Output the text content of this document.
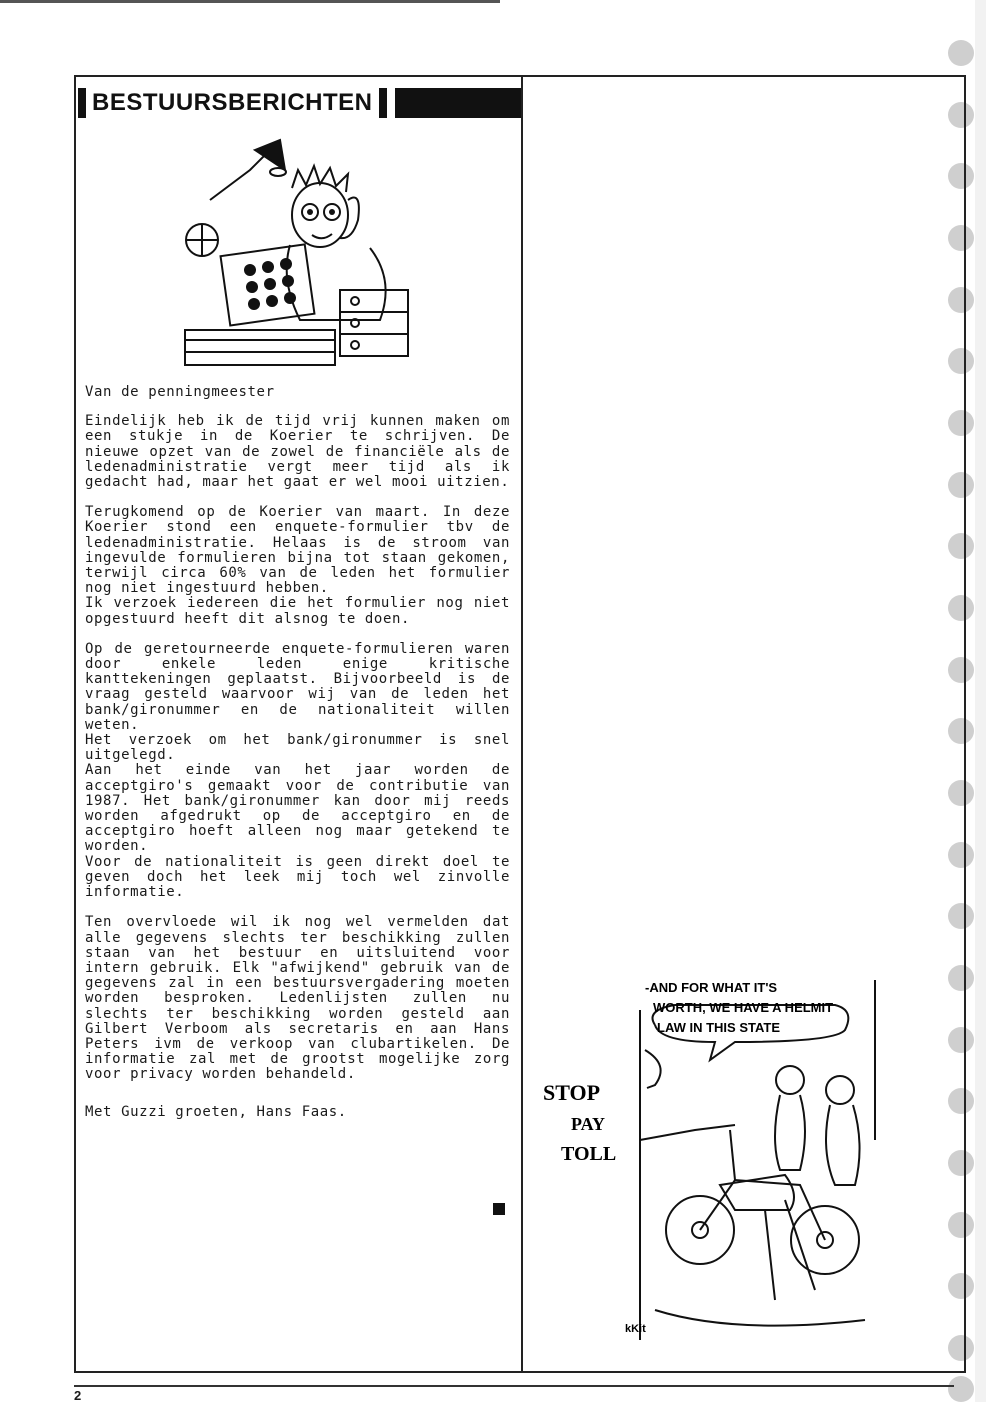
BESTUURSBERICHTEN

Van de penningmeester

Eindelijk heb ik de tijd vrij kunnen maken om een stukje in de Koerier te schrijven. De nieuwe opzet van de zowel de financiële als de ledenadministratie vergt meer tijd als ik gedacht had, maar het gaat er wel mooi uitzien.

Terugkomend op de Koerier van maart. In deze Koerier stond een enquete-formulier tbv de ledenadministratie. Helaas is de stroom van ingevulde formulieren bijna tot staan gekomen, terwijl circa 60% van de leden het formulier nog niet ingestuurd hebben.
Ik verzoek iedereen die het formulier nog niet opgestuurd heeft dit alsnog te doen.

Op de geretourneerde enquete-formulieren waren door enkele leden enige kritische kanttekeningen geplaatst. Bijvoorbeeld is de vraag gesteld waarvoor wij van de leden het bank/gironummer en de nationaliteit willen weten.
Het verzoek om het bank/gironummer is snel uitgelegd.
Aan het einde van het jaar worden de acceptgiro's gemaakt voor de contributie van 1987. Het bank/gironummer kan door mij reeds worden afgedrukt op de acceptgiro en de acceptgiro hoeft alleen nog maar getekend te worden.
Voor de nationaliteit is geen direkt doel te geven doch het leek mij toch wel zinvolle informatie.

Ten overvloede wil ik nog wel vermelden dat alle gegevens slechts ter beschikking zullen staan van het bestuur en uitsluitend voor intern gebruik. Elk "afwijkend" gebruik van de gegevens zal in een bestuursvergadering moeten worden besproken. Ledenlijsten zullen nu slechts ter beschikking worden gesteld aan Gilbert Verboom als secretaris en aan Hans Peters ivm de verkoop van clubartikelen. De informatie zal met de grootst mogelijke zorg voor privacy worden behandeld.

Met Guzzi groeten, Hans Faas.

-AND FOR WHAT IT'S
WORTH, WE HAVE A HELMIT
LAW IN THIS STATE
STOP
PAY
TOLL
kKit
2
